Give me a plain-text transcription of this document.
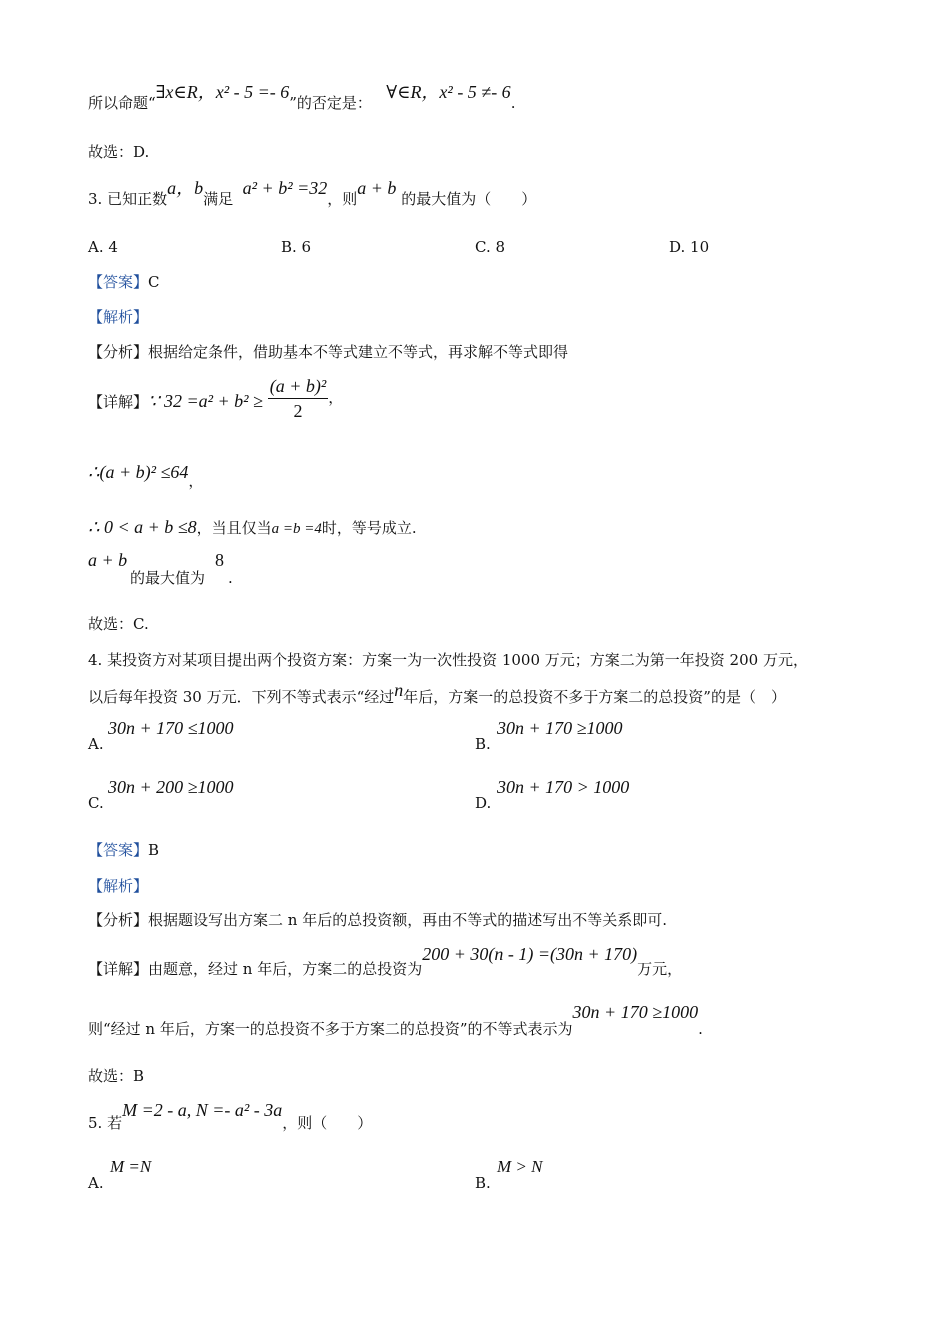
所以命题“∃x∈R，x² - 5 =- 6”的否定是：   ∀∈R，x² - 5 ≠- 6.
故选：D.
3. 已知正数a，b满足  a² + b² =32，则a + b 的最大值为（　　）
A. 4	B. 6	C. 8	D. 10
【答案】C
【解析】
【分析】根据给定条件，借助基本不等式建立不等式，再求解不等式即得
【详解】∵ $32 =a^2 + b^2 \ge \frac{\text{(a + b)²}}{2}$ ，
∴(a + b)² ≤64，
∴ 0 < a + b ≤8，当且仅当a =b =4时，等号成立.
a + b
的最大值为
8
.
故选：C.
4. 某投资方对某项目提出两个投资方案：方案一为一次性投资 1000 万元；方案二为第一年投资 200 万元，
以后每年投资 30 万元．下列不等式表示“经过n年后，方案一的总投资不多于方案二的总投资”的是（　）
A.
30n + 170 ≤1000
B.
30n + 170 ≥1000
C.
30n + 200 ≥1000
D.
30n + 170 > 1000
【答案】B
【解析】
【分析】根据题设写出方案二 n 年后的总投资额，再由不等式的描述写出不等关系即可.
【详解】由题意，经过 n 年后，方案二的总投资为200 + 30(n - 1) =(30n + 170)万元，
则“经过 n 年后，方案一的总投资不多于方案二的总投资”的不等式表示为30n + 170 ≥1000.
故选：B
5. 若M =2 - a, N =- a² - 3a，则（　　）
A.
M =N
B.
M > N
